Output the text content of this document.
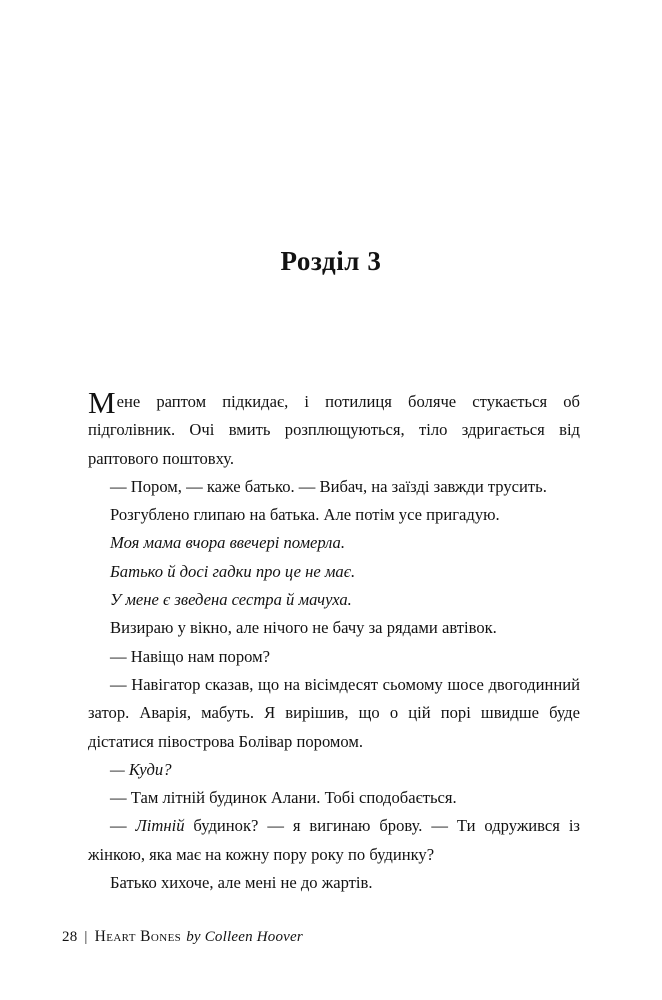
Розділ 3

Мене раптом підкидає, і потилиця боляче стукається об підголівник. Очі вмить розплющуються, тіло здригається від раптового поштовху.

— Пором, — каже батько. — Вибач, на заїзді завжди трусить.

Розгублено глипаю на батька. Але потім усе пригадую.

Моя мама вчора ввечері померла.

Батько й досі гадки про це не має.

У мене є зведена сестра й мачуха.

Визираю у вікно, але нічого не бачу за рядами автівок.

— Навіщо нам пором?

— Навігатор сказав, що на вісімдесят сьомому шосе двогодинний затор. Аварія, мабуть. Я вирішив, що о цій порі швидше буде дістатися півострова Болівар поромом.

— Куди?

— Там літній будинок Алани. Тобі сподобається.

— Літній будинок? — я вигинаю брову. — Ти одружився із жінкою, яка має на кожну пору року по будинку?

Батько хихоче, але мені не до жартів.

28 | Heart Bones by Colleen Hoover
